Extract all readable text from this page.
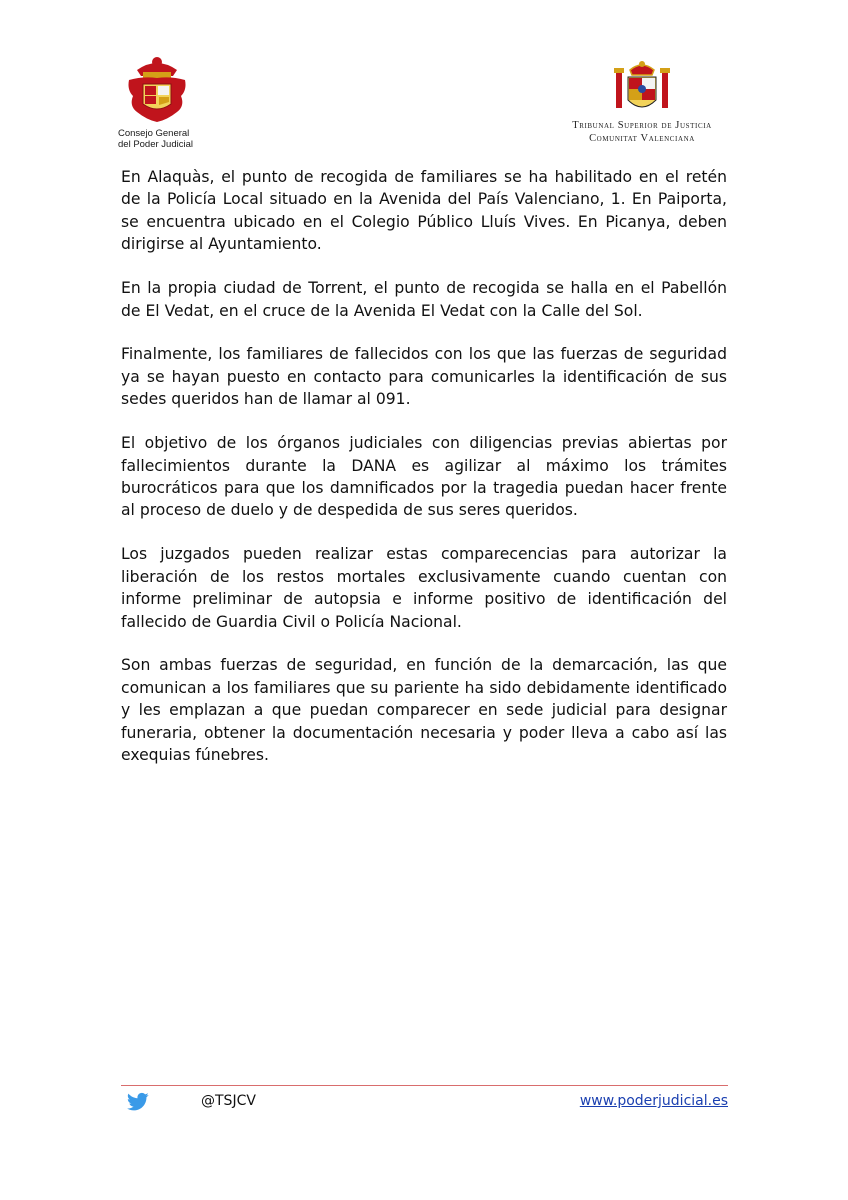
Consejo General
del Poder Judicial
Tribunal Superior de Justicia
Comunitat Valenciana

En Alaquàs, el punto de recogida de familiares se ha habilitado en el retén de la Policía Local situado en la Avenida del País Valenciano, 1. En Paiporta, se encuentra ubicado en el Colegio Público Lluís Vives. En Picanya, deben dirigirse al Ayuntamiento.

En la propia ciudad de Torrent, el punto de recogida se halla en el Pabellón de El Vedat, en el cruce de la Avenida El Vedat con la Calle del Sol.

Finalmente, los familiares de fallecidos con los que las fuerzas de seguridad ya se hayan puesto en contacto para comunicarles la identificación de sus sedes queridos han de llamar al 091.

El objetivo de los órganos judiciales con diligencias previas abiertas por fallecimientos durante la DANA es agilizar al máximo los trámites burocráticos para que los damnificados por la tragedia puedan hacer frente al proceso de duelo y de despedida de sus seres queridos.

Los juzgados pueden realizar estas comparecencias para autorizar la liberación de los restos mortales exclusivamente cuando cuentan con informe preliminar de autopsia e informe positivo de identificación del fallecido de Guardia Civil o Policía Nacional.

Son ambas fuerzas de seguridad, en función de la demarcación, las que comunican a los familiares que su pariente ha sido debidamente identificado y les emplazan a que puedan comparecer en sede judicial para designar funeraria, obtener la documentación necesaria y poder lleva a cabo así las exequias fúnebres.

@TSJCV	www.poderjudicial.es
